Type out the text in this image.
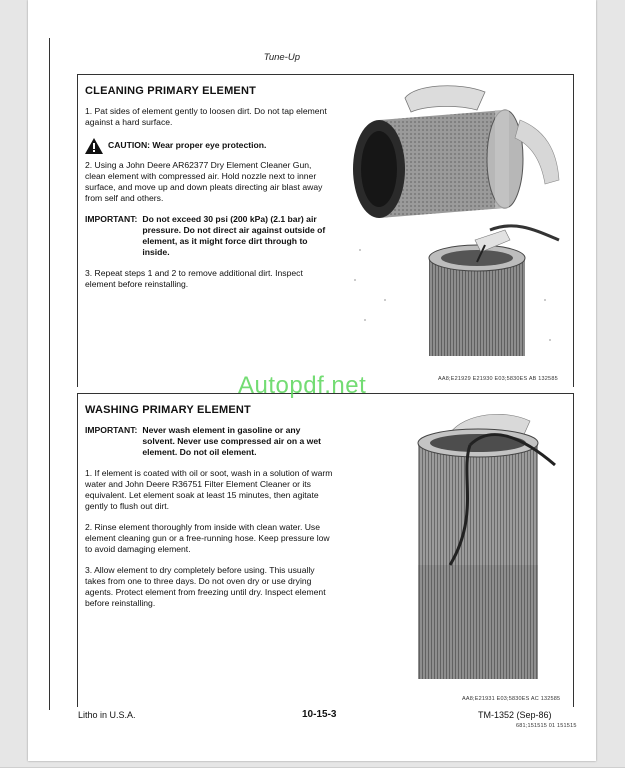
Tune-Up
CLEANING PRIMARY ELEMENT

1. Pat sides of element gently to loosen dirt. Do not tap element against a hard surface.

CAUTION: Wear proper eye protection.

2. Using a John Deere AR62377 Dry Element Cleaner Gun, clean element with compressed air. Hold nozzle next to inner surface, and move up and down pleats directing air blast away from self and others.

IMPORTANT: Do not exceed 30 psi (200 kPa) (2.1 bar) air pressure. Do not direct air against outside of element, as it might force dirt through to inside.

3. Repeat steps 1 and 2 to remove additional dirt. Inspect element before reinstalling.

AA8;E21929 E21930 E03;5830ES AB 132585
Autopdf.net
WASHING PRIMARY ELEMENT
IMPORTANT: Never wash element in gasoline or any solvent. Never use compressed air on a wet element. Do not oil element.

1. If element is coated with oil or soot, wash in a solution of warm water and John Deere R36751 Filter Element Cleaner or its equivalent. Let element soak at least 15 minutes, then agitate gently to flush out dirt.

2. Rinse element thoroughly from inside with clean water. Use element cleaning gun or a free-running hose. Keep pressure low to avoid damaging element.

3. Allow element to dry completely before using. This usually takes from one to three days. Do not oven dry or use drying agents. Protect element from freezing until dry. Inspect element before reinstalling.

AA8;E21931 E03;5830ES AC 132585
Litho in U.S.A.	10-15-3	TM-1352 (Sep-86)
681;151515 01 151515
